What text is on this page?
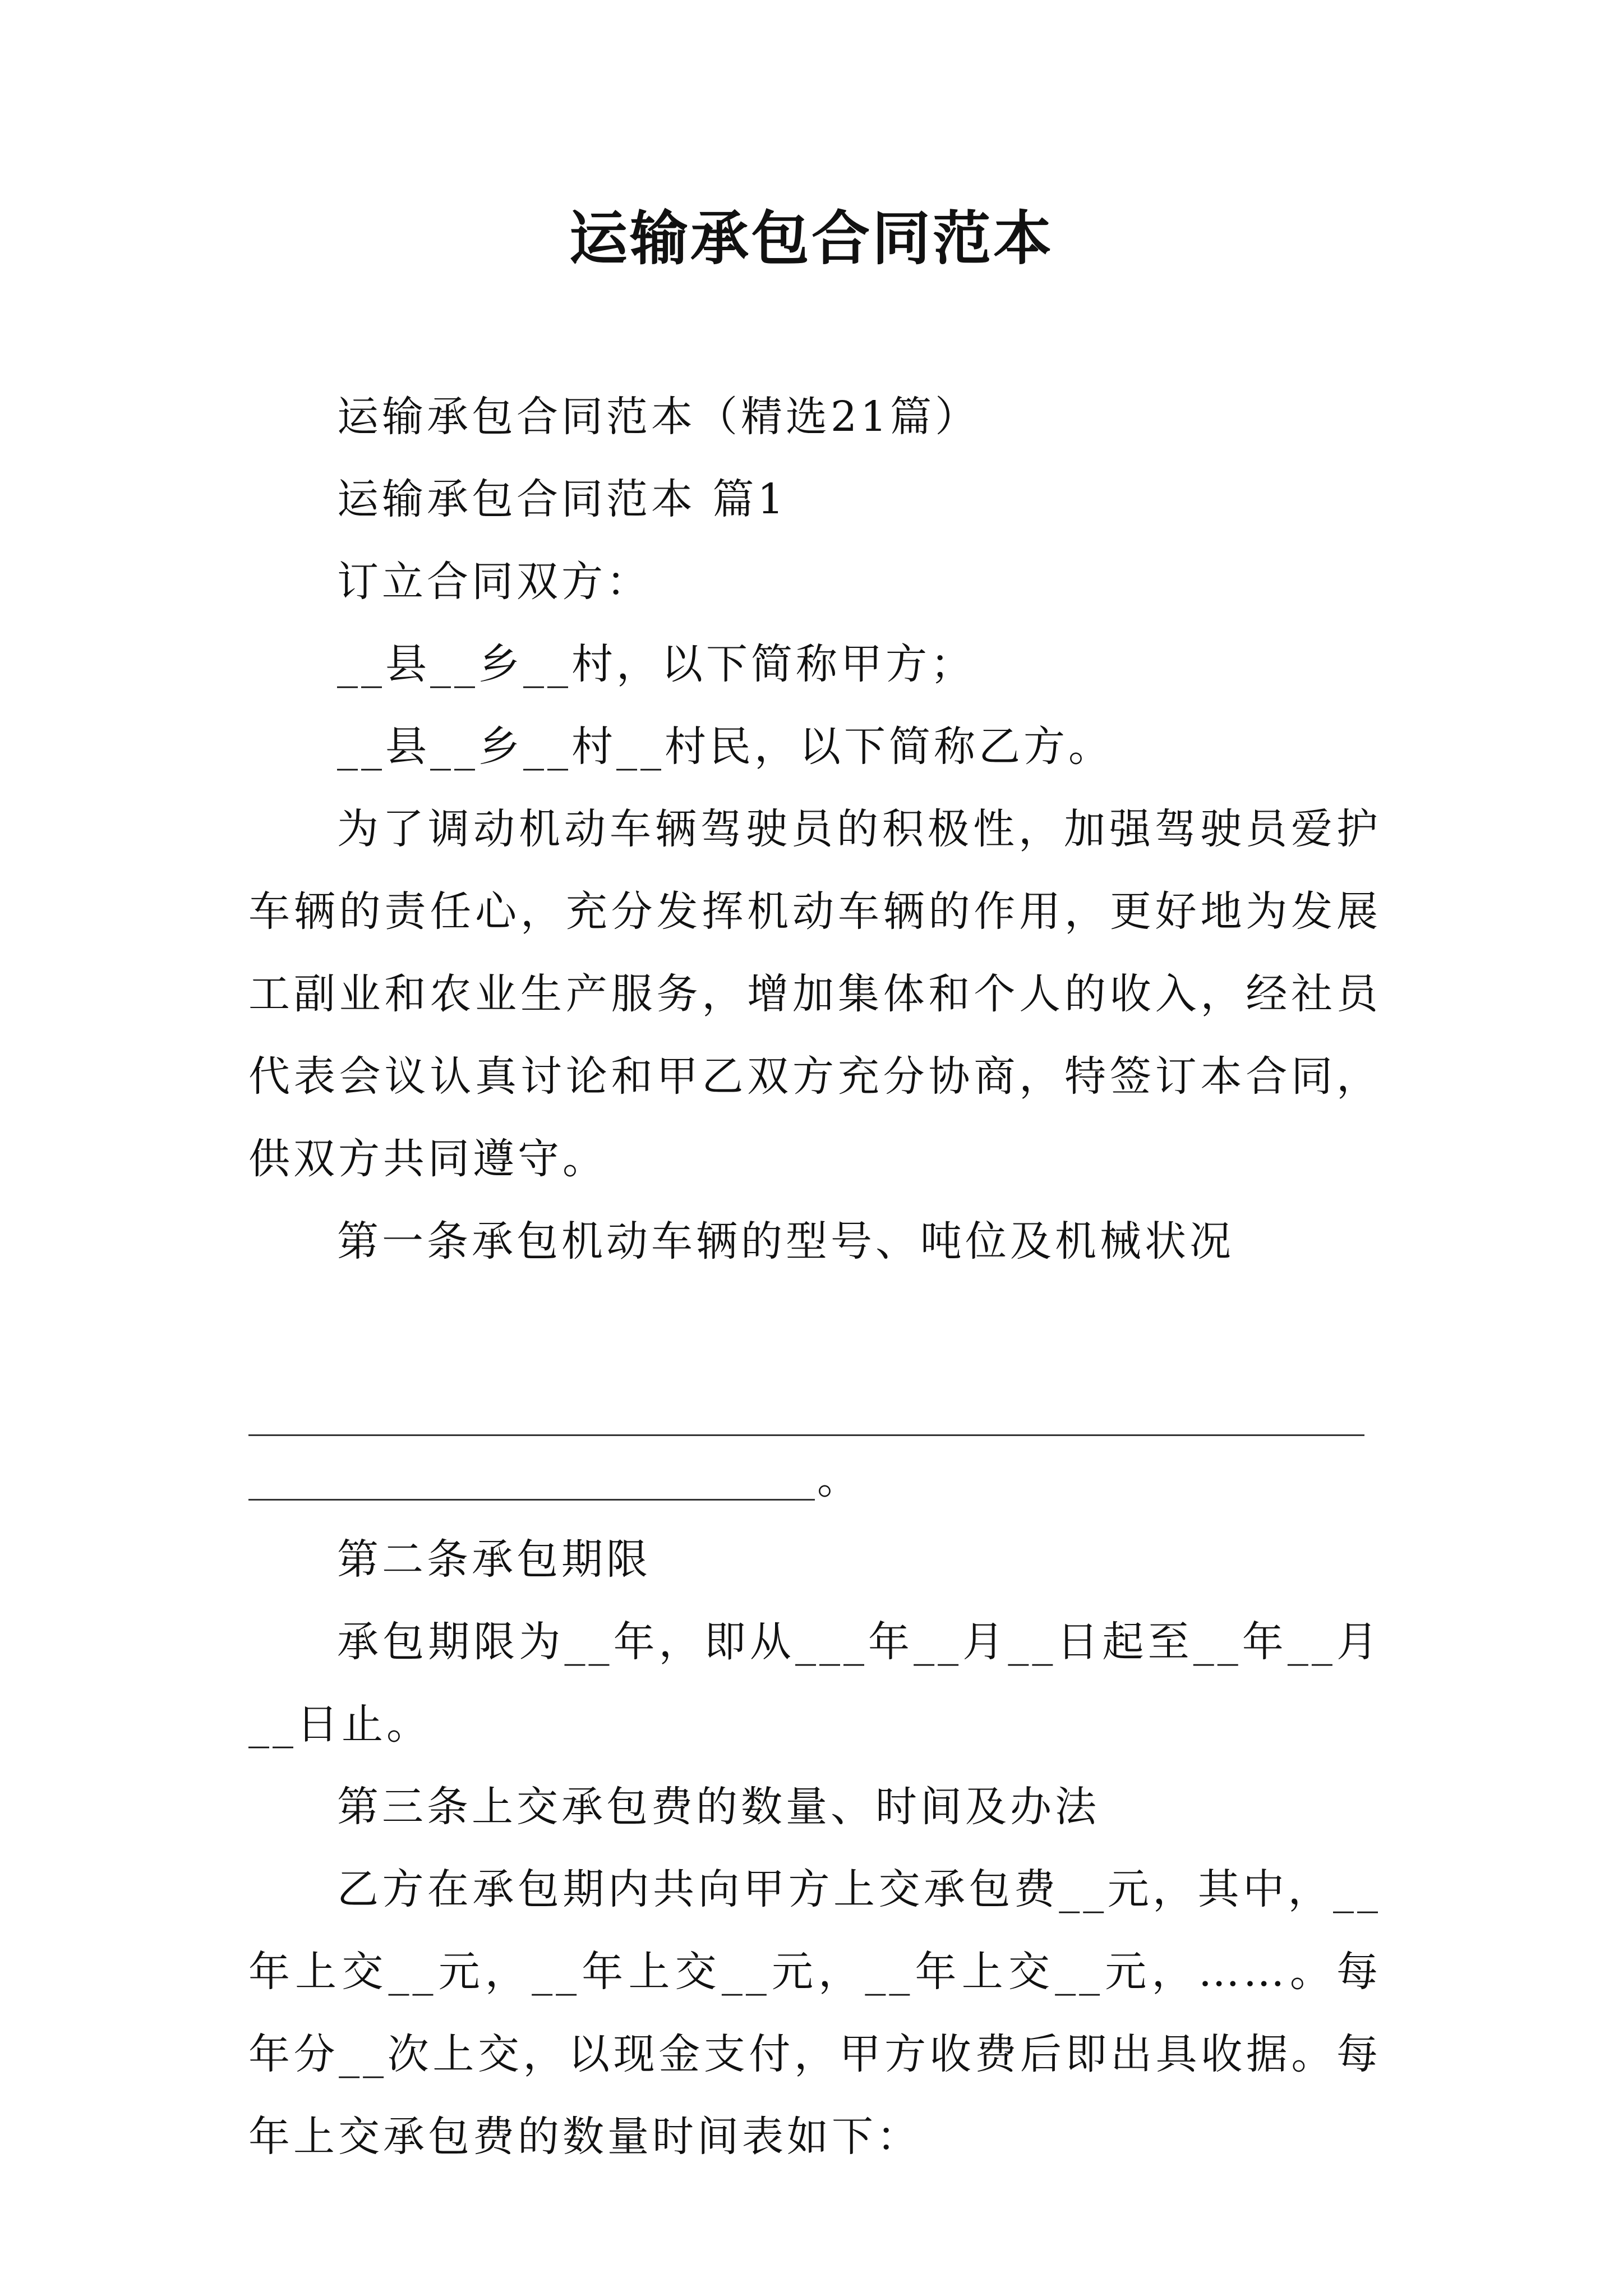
运输承包合同范本

运输承包合同范本（精选21篇）

运输承包合同范本 篇1

订立合同双方：

__县__乡__村，以下简称甲方；

__县__乡__村__村民，以下简称乙方。

为了调动机动车辆驾驶员的积极性，加强驾驶员爱护车辆的责任心，充分发挥机动车辆的作用，更好地为发展工副业和农业生产服务，增加集体和个人的收入，经社员代表会议认真讨论和甲乙双方充分协商，特签订本合同，供双方共同遵守。

第一条承包机动车辆的型号、吨位及机械状况

。

第二条承包期限

承包期限为__年，即从___年__月__日起至__年__月__日止。

第三条上交承包费的数量、时间及办法

乙方在承包期内共向甲方上交承包费__元，其中，__年上交__元，__年上交__元，__年上交__元，……。每年分__次上交，以现金支付，甲方收费后即出具收据。每年上交承包费的数量时间表如下：
